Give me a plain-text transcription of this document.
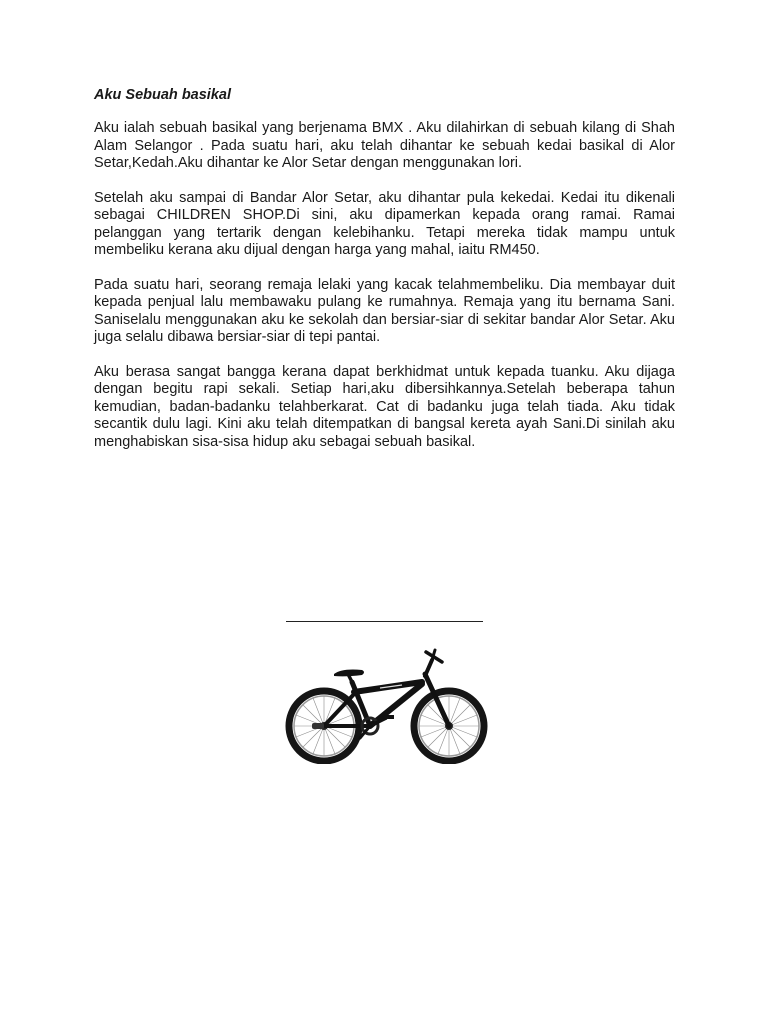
Aku Sebuah basikal

Aku ialah sebuah basikal yang berjenama BMX . Aku dilahirkan di sebuah kilang di Shah Alam Selangor . Pada suatu hari, aku telah dihantar ke sebuah kedai basikal di Alor Setar,Kedah.Aku dihantar ke Alor Setar dengan menggunakan lori.

Setelah aku sampai di Bandar Alor Setar, aku dihantar pula kekedai. Kedai itu dikenali sebagai CHILDREN SHOP.Di sini, aku dipamerkan kepada orang ramai. Ramai pelanggan yang tertarik dengan kelebihanku. Tetapi mereka tidak mampu untuk membeliku kerana aku dijual dengan harga yang mahal, iaitu RM450.

Pada suatu hari, seorang remaja lelaki yang kacak telahmembeliku. Dia membayar duit kepada penjual lalu membawaku pulang ke rumahnya. Remaja yang itu bernama Sani. Saniselalu menggunakan aku ke sekolah dan bersiar-siar di sekitar bandar Alor Setar. Aku juga selalu dibawa bersiar-siar di tepi pantai.

Aku berasa sangat bangga kerana dapat berkhidmat untuk kepada tuanku. Aku dijaga dengan begitu rapi sekali. Setiap hari,aku dibersihkannya.Setelah beberapa tahun kemudian, badan-badanku telahberkarat. Cat di badanku juga telah tiada. Aku tidak secantik dulu lagi. Kini aku telah ditempatkan di bangsal kereta ayah Sani.Di sinilah aku menghabiskan sisa-sisa hidup aku sebagai sebuah basikal.
